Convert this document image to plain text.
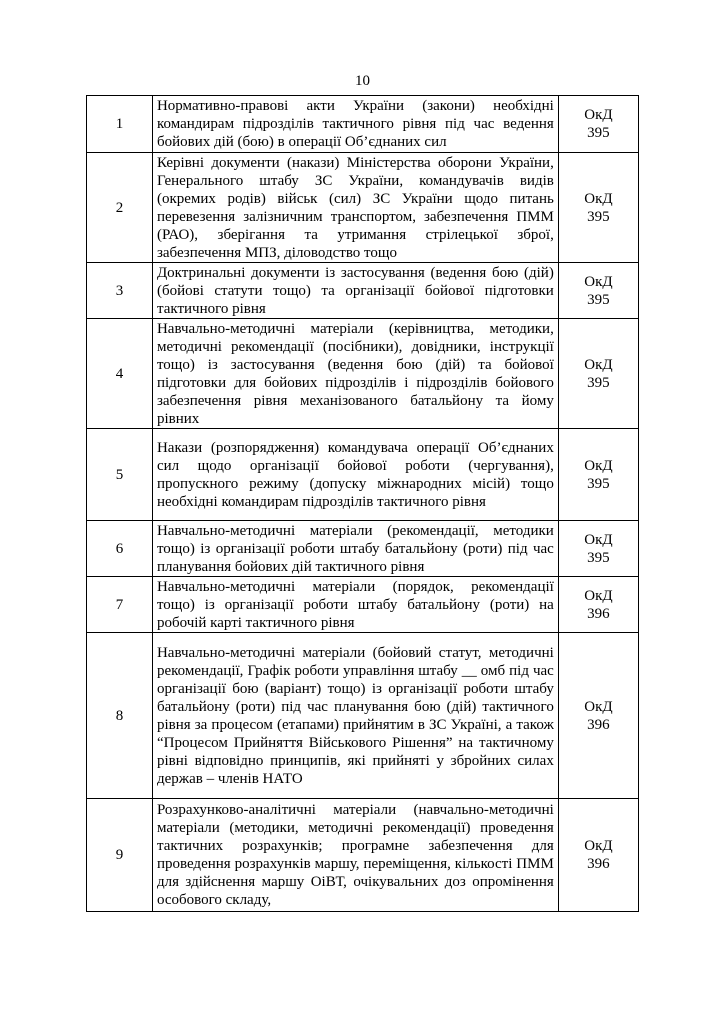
10
1	Нормативно-правові акти України (закони) необхідні командирам підрозділів тактичного рівня під час ведення бойових дій (бою) в операції Об’єднаних сил	ОкД
395

2	Керівні документи (накази) Міністерства оборони України, Генерального штабу ЗС України, командувачів видів (окремих родів) військ (сил) ЗС України щодо питань перевезення залізничним транспортом, забезпечення ПММ (РАО), зберігання та утримання стрілецької зброї, забезпечення МПЗ, діловодство тощо	ОкД
395

3	Доктринальні документи із застосування (ведення бою (дій) (бойові статути тощо) та організації бойової підготовки тактичного рівня	ОкД
395

4	Навчально-методичні матеріали (керівництва, методики, методичні рекомендації (посібники), довідники, інструкції тощо) із застосування (ведення бою (дій) та бойової підготовки для бойових підрозділів і підрозділів бойового забезпечення рівня механізованого батальйону та йому рівних	ОкД
395

5	Накази (розпорядження) командувача операції Об’єднаних сил щодо організації бойової роботи (чергування), пропускного режиму (допуску міжнародних місій) тощо необхідні командирам підрозділів тактичного рівня	ОкД
395

6	Навчально-методичні матеріали (рекомендації, методики тощо) із організації роботи штабу батальйону (роти) під час планування бойових дій тактичного рівня	ОкД
395

7	Навчально-методичні матеріали (порядок, рекомендації тощо) із організації роботи штабу батальйону (роти) на робочій карті тактичного рівня	ОкД
396

8	Навчально-методичні матеріали (бойовий статут, методичні рекомендації, Графік роботи управління штабу __ омб під час організації бою (варіант) тощо) із організації роботи штабу батальйону (роти) під час планування бою (дій) тактичного рівня за процесом (етапами) прийнятим в ЗС Україні, а також “Процесом Прийняття Військового Рішення” на тактичному рівні відповідно принципів, які прийняті у збройних силах держав – членів НАТО	ОкД
396

9	Розрахунково-аналітичні матеріали (навчально-методичні матеріали (методики, методичні рекомендації) проведення тактичних розрахунків; програмне забезпечення для проведення розрахунків маршу, переміщення, кількості ПММ для здійснення маршу ОіВТ, очікувальних доз опромінення особового складу,	ОкД
396
